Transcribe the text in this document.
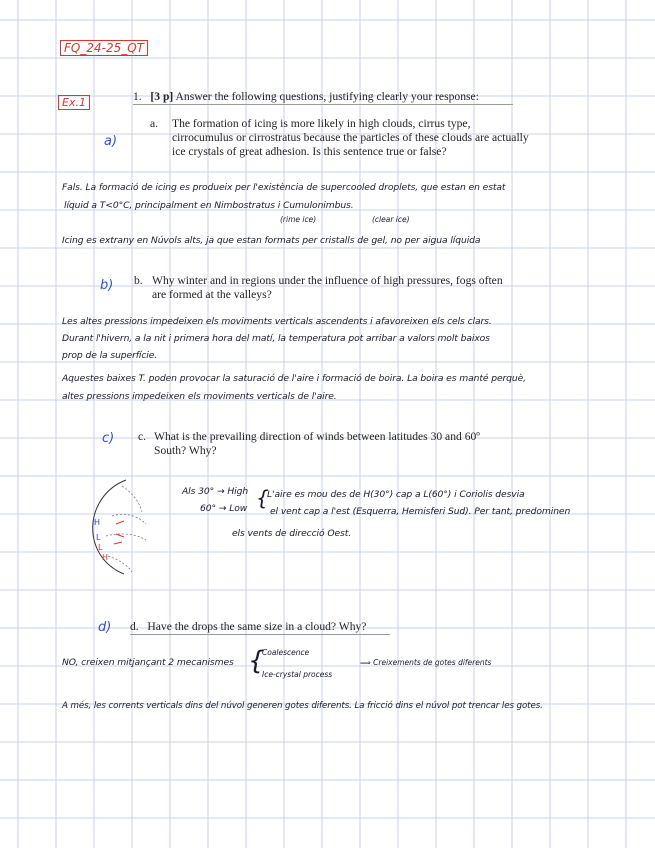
FQ_24-25_QT
Ex.1	1. [3 p] Answer the following questions, justifying clearly your response:
a)
a. The formation of icing is more likely in high clouds, cirrus type,
cirrocumulus or cirrostratus because the particles of these clouds are actually
ice crystals of great adhesion. Is this sentence true or false?
Fals. La formació de icing es produeix per l'existència de supercooled droplets, que estan en estat
líquid a T<0°C, principalment en Nimbostratus i Cumulonimbus.
(rime ice)	(clear ice)
Icing es extrany en Núvols alts, ja que estan formats per cristalls de gel, no per aigua líquida
b) b. Why winter and in regions under the influence of high pressures, fogs often
are formed at the valleys?
Les altes pressions impedeixen els moviments verticals ascendents i afavoreixen els cels clars.
Durant l'hivern, a la nit i primera hora del matí, la temperatura pot arribar a valors molt baixos
prop de la superfície.
Aquestes baixes T. poden provocar la saturació de l'aire i formació de boira. La boira es manté perquè,
altes pressions impedeixen els moviments verticals de l'aire.
c) c. What is the prevailing direction of winds between latitudes 30 and 60º
South? Why?
H
L
L
H
Als 30° → High
60° → Low {
L'aire es mou des de H(30°) cap a L(60°) i Coriolis desvia
el vent cap a l'est (Esquerra, Hemisferi Sud). Per tant, predominen
els vents de direcció Oest.
d) d. Have the drops the same size in a cloud? Why?
NO, creixen mitjançant 2 mecanismes {
Coalescence
Ice-crystal process
⟹ Creixements de gotes diferents
A més, les corrents verticals dins del núvol generen gotes diferents. La fricció dins el núvol pot trencar les gotes.
